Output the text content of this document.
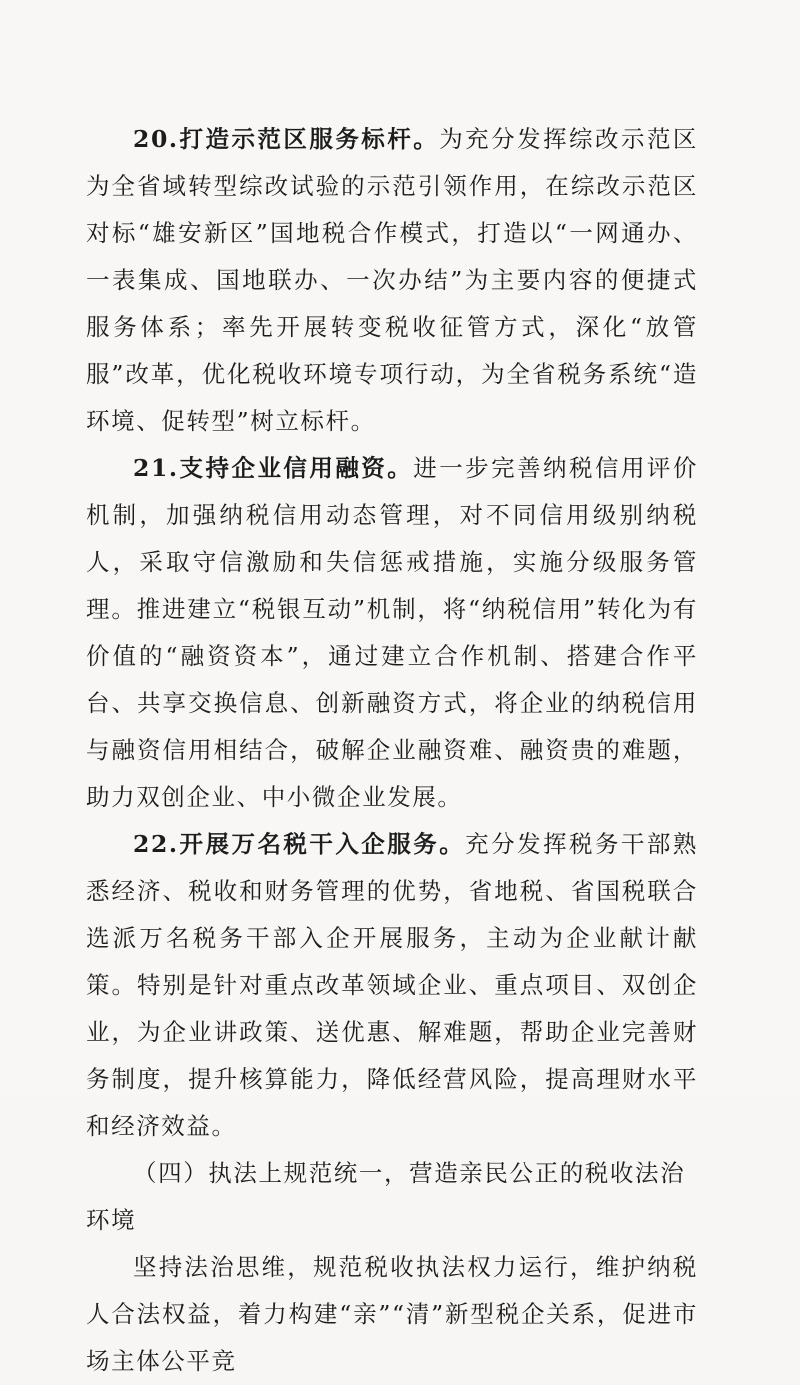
20.打造示范区服务标杆。为充分发挥综改示范区为全省域转型综改试验的示范引领作用，在综改示范区对标“雄安新区”国地税合作模式，打造以“一网通办、一表集成、国地联办、一次办结”为主要内容的便捷式服务体系；率先开展转变税收征管方式，深化“放管服”改革，优化税收环境专项行动，为全省税务系统“造环境、促转型”树立标杆。

21.支持企业信用融资。进一步完善纳税信用评价机制，加强纳税信用动态管理，对不同信用级别纳税人，采取守信激励和失信惩戒措施，实施分级服务管理。推进建立“税银互动”机制，将“纳税信用”转化为有价值的“融资资本”，通过建立合作机制、搭建合作平台、共享交换信息、创新融资方式，将企业的纳税信用与融资信用相结合，破解企业融资难、融资贵的难题，助力双创企业、中小微企业发展。

22.开展万名税干入企服务。充分发挥税务干部熟悉经济、税收和财务管理的优势，省地税、省国税联合选派万名税务干部入企开展服务，主动为企业献计献策。特别是针对重点改革领域企业、重点项目、双创企业，为企业讲政策、送优惠、解难题，帮助企业完善财务制度，提升核算能力，降低经营风险，提高理财水平和经济效益。

（四）执法上规范统一，营造亲民公正的税收法治环境

坚持法治思维，规范税收执法权力运行，维护纳税人合法权益，着力构建“亲”“清”新型税企关系，促进市场主体公平竞
